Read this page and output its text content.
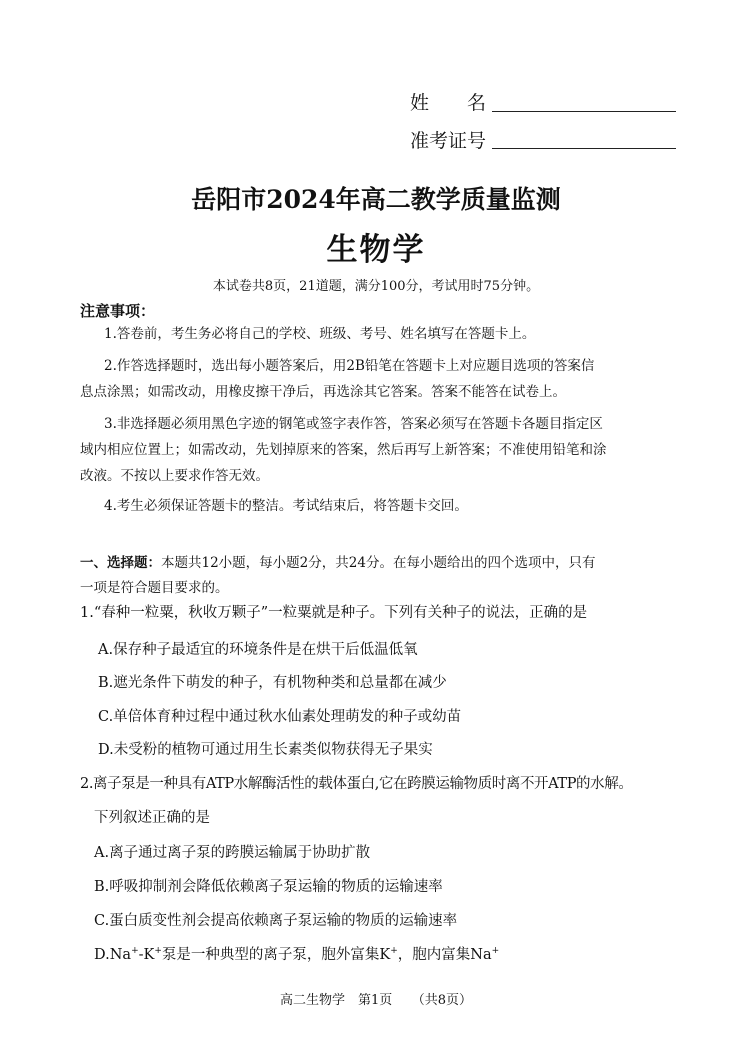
姓　　名
准考证号
岳阳市2024年高二教学质量监测
生物学
本试卷共8页，21道题，满分100分，考试用时75分钟。
注意事项：
1.答卷前，考生务必将自己的学校、班级、考号、姓名填写在答题卡上。
2.作答选择题时，选出每小题答案后，用2B铅笔在答题卡上对应题目选项的答案信
息点涂黑；如需改动，用橡皮擦干净后，再选涂其它答案。答案不能答在试卷上。
3.非选择题必须用黑色字迹的钢笔或签字表作答，答案必须写在答题卡各题目指定区
域内相应位置上；如需改动，先划掉原来的答案，然后再写上新答案；不准使用铅笔和涂
改液。不按以上要求作答无效。
4.考生必须保证答题卡的整洁。考试结束后，将答题卡交回。
一、选择题：本题共12小题，每小题2分，共24分。在每小题给出的四个选项中，只有
一项是符合题目要求的。
1.“春种一粒粟，秋收万颗子”一粒粟就是种子。下列有关种子的说法，正确的是
A.保存种子最适宜的环境条件是在烘干后低温低氧
B.遮光条件下萌发的种子，有机物种类和总量都在减少
C.单倍体育种过程中通过秋水仙素处理萌发的种子或幼苗
D.未受粉的植物可通过用生长素类似物获得无子果实
2.离子泵是一种具有ATP水解酶活性的载体蛋白,它在跨膜运输物质时离不开ATP的水解。
下列叙述正确的是
A.离子通过离子泵的跨膜运输属于协助扩散
B.呼吸抑制剂会降低依赖离子泵运输的物质的运输速率
C.蛋白质变性剂会提高依赖离子泵运输的物质的运输速率
D.Na+-K+泵是一种典型的离子泵，胞外富集K+，胞内富集Na+
高二生物学　第1页　　（共8页）
